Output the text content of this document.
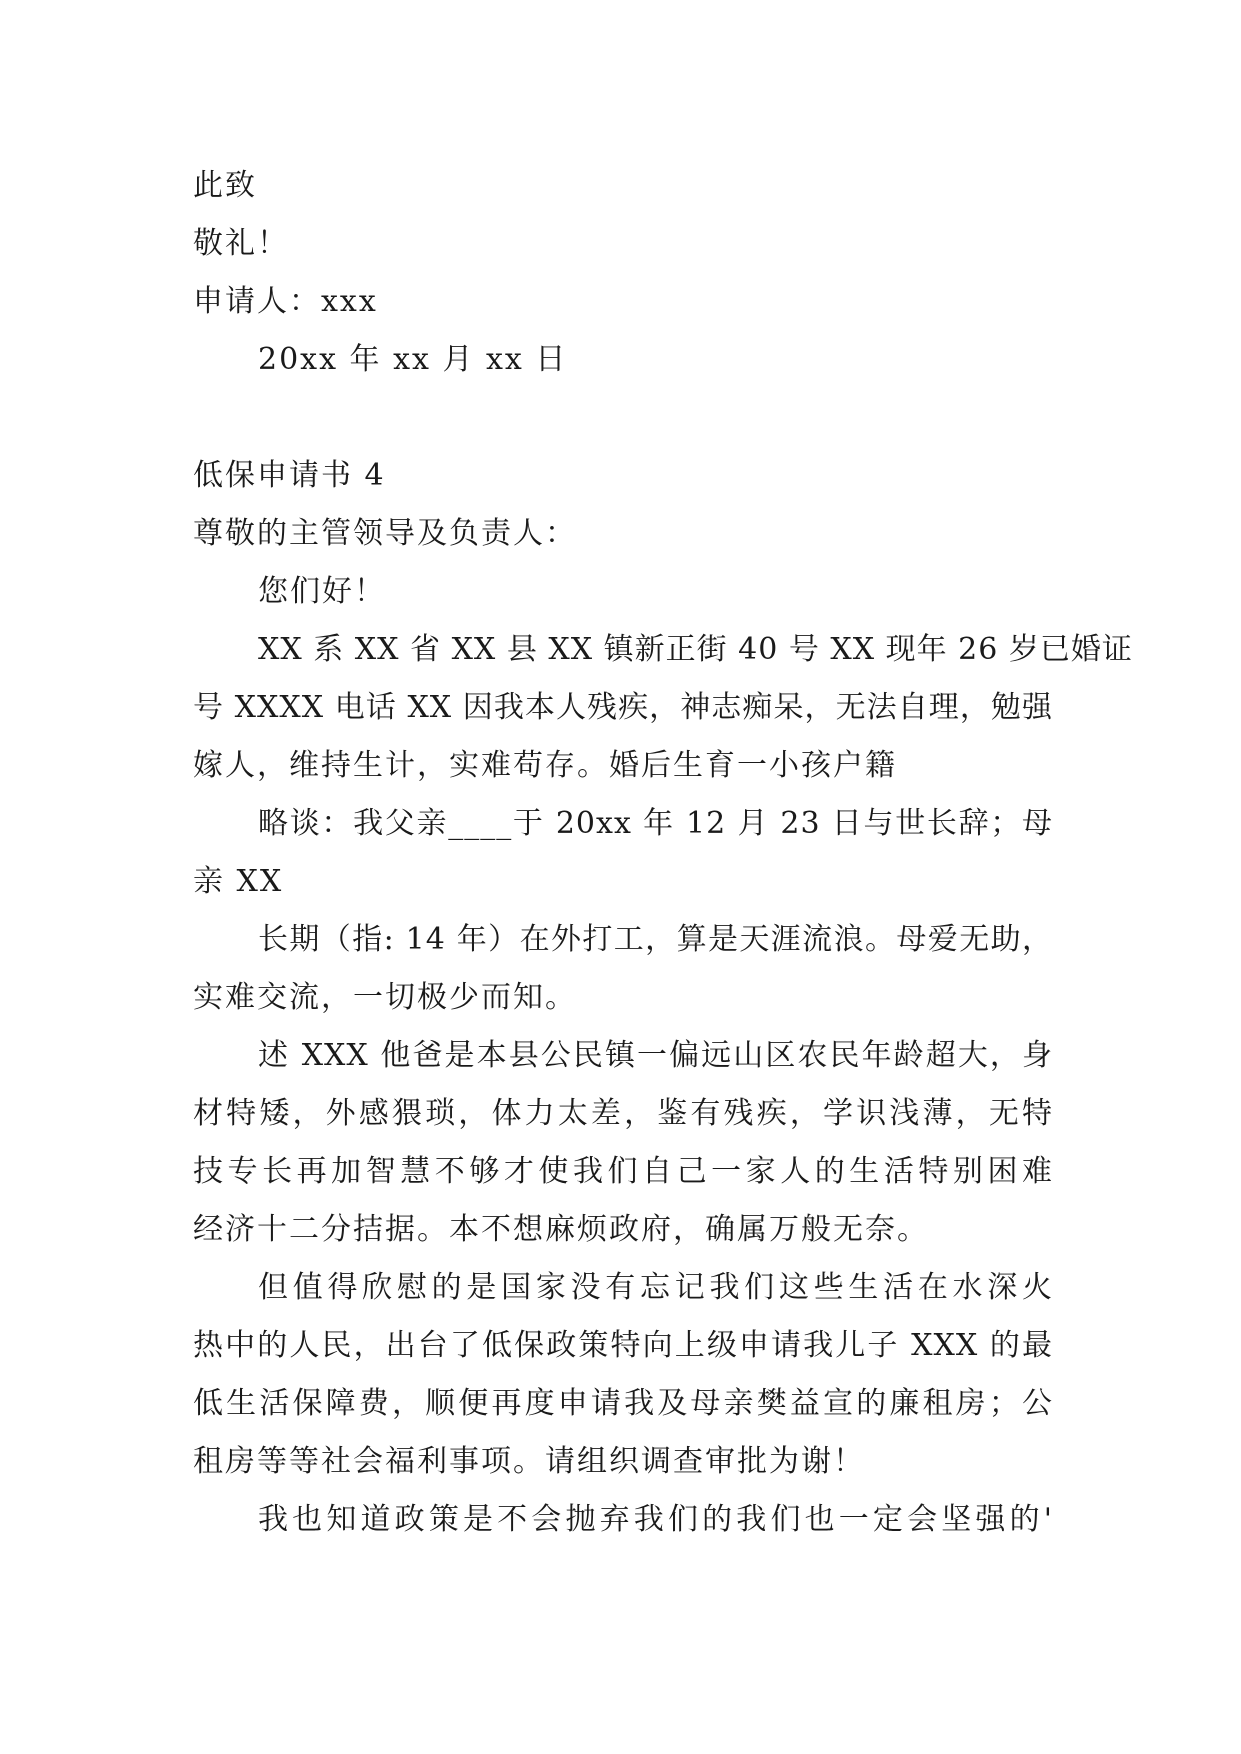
此致
敬礼！
申请人：xxx
20xx 年 xx 月 xx 日
低保申请书 4
尊敬的主管领导及负责人：
您们好！
XX 系 XX 省 XX 县 XX 镇新正街 40 号 XX 现年 26 岁已婚证
号 XXXX 电话 XX 因我本人残疾，神志痴呆，无法自理，勉强
嫁人，维持生计，实难苟存。婚后生育一小孩户籍
略谈：我父亲____于 20xx 年 12 月 23 日与世长辞；母
亲 XX
长期（指: 14 年）在外打工，算是天涯流浪。母爱无助，
实难交流，一切极少而知。
述 XXX 他爸是本县公民镇一偏远山区农民年龄超大，身
材特矮，外感猥琐，体力太差，鉴有残疾，学识浅薄，无特
技专长再加智慧不够才使我们自己一家人的生活特别困难
经济十二分拮据。本不想麻烦政府，确属万般无奈。
但值得欣慰的是国家没有忘记我们这些生活在水深火
热中的人民，出台了低保政策特向上级申请我儿子 XXX 的最
低生活保障费，顺便再度申请我及母亲樊益宣的廉租房；公
租房等等社会福利事项。请组织调查审批为谢！
我也知道政策是不会抛弃我们的我们也一定会坚强的'
